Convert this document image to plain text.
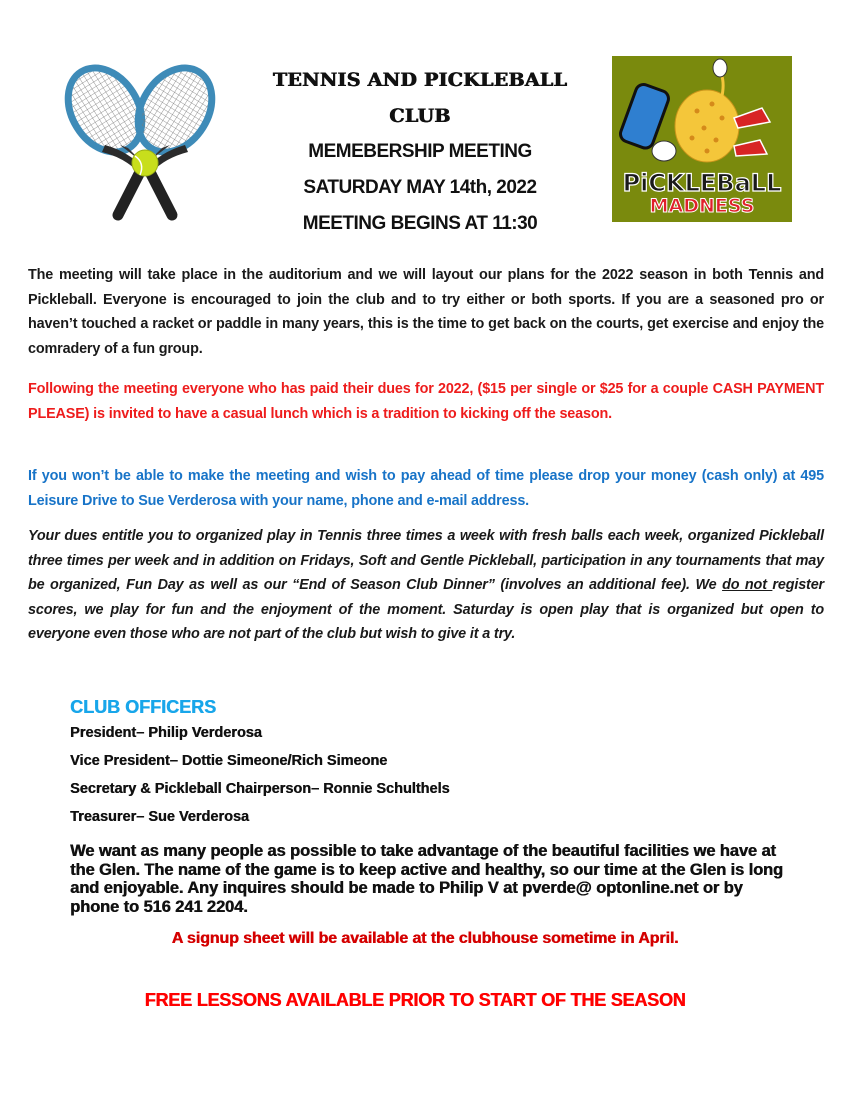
PiCKLEBaLL
MADNESS
TENNIS AND PICKLEBALL
CLUB
MEMEBERSHIP MEETING
SATURDAY MAY 14th, 2022
MEETING BEGINS AT 11:30

The meeting will take place in the auditorium and we will layout our plans for the 2022 season in both Tennis and Pickleball. Everyone is encouraged to join the club and to try either or both sports. If you are a seasoned pro or haven’t touched a racket or paddle in many years, this is the time to get back on the courts, get exercise and enjoy the comradery of a fun group.

Following the meeting everyone who has paid their dues for 2022, ($15 per single or $25 for a couple CASH PAYMENT PLEASE) is invited to have a casual lunch which is a tradition to kicking off the season.

If you won’t be able to make the meeting and wish to pay ahead of time please drop your money (cash only) at 495 Leisure Drive to Sue Verderosa with your name, phone and e-mail address.

Your dues entitle you to organized play in Tennis three times a week with fresh balls each week, organized Pickleball three times per week and in addition on Fridays, Soft and Gentle Pickleball, participation in any tournaments that may be organized, Fun Day as well as our “End of Season Club Dinner” (involves an additional fee). We do not register scores, we play for fun and the enjoyment of the moment. Saturday is open play that is organized but open to everyone even those who are not part of the club but wish to give it a try.

CLUB OFFICERS
President– Philip Verderosa
Vice President– Dottie Simeone/Rich Simeone
Secretary & Pickleball Chairperson– Ronnie Schulthels
Treasurer– Sue Verderosa
We want as many people as possible to take advantage of the beautiful facilities we have at the Glen. The name of the game is to keep active and healthy, so our time at the Glen is long and enjoyable. Any inquires should be made to Philip V at pverde@ optonline.net or by phone to 516 241 2204.
A signup sheet will be available at the clubhouse sometime in April.
FREE LESSONS AVAILABLE PRIOR TO START OF THE SEASON
